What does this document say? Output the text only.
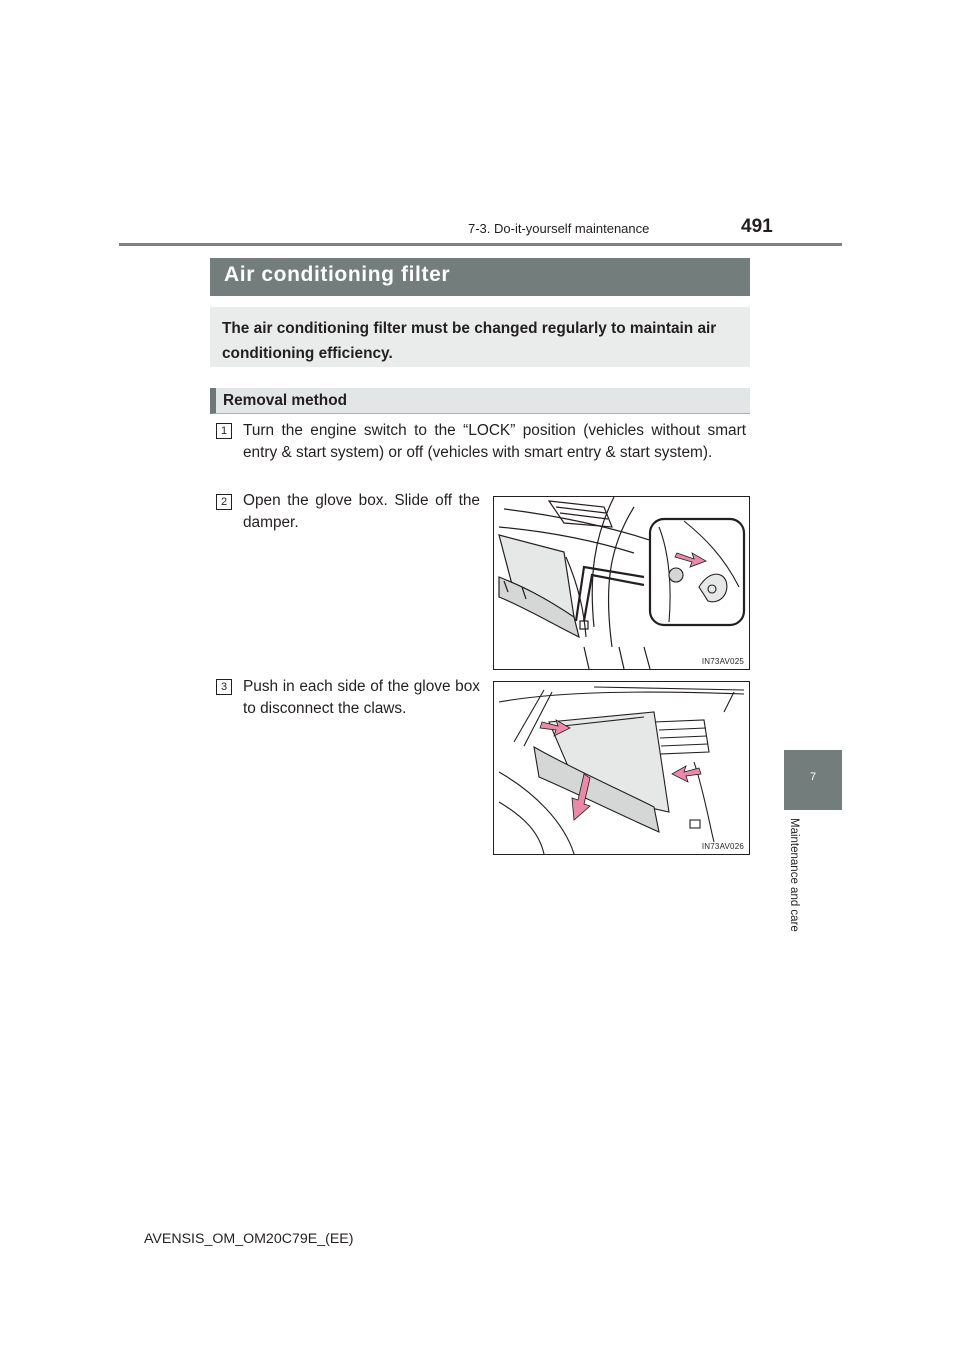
7-3. Do-it-yourself maintenance	491
Air conditioning filter
The air conditioning filter must be changed regularly to maintain air conditioning efficiency.
Removal method
1	Turn the engine switch to the “LOCK” position (vehicles without smart entry & start system) or off (vehicles with smart entry & start system).
2	Open the glove box. Slide off the damper.
IN73AV025
3	Push in each side of the glove box to disconnect the claws.
IN73AV026
7
Maintenance and care
AVENSIS_OM_OM20C79E_(EE)
